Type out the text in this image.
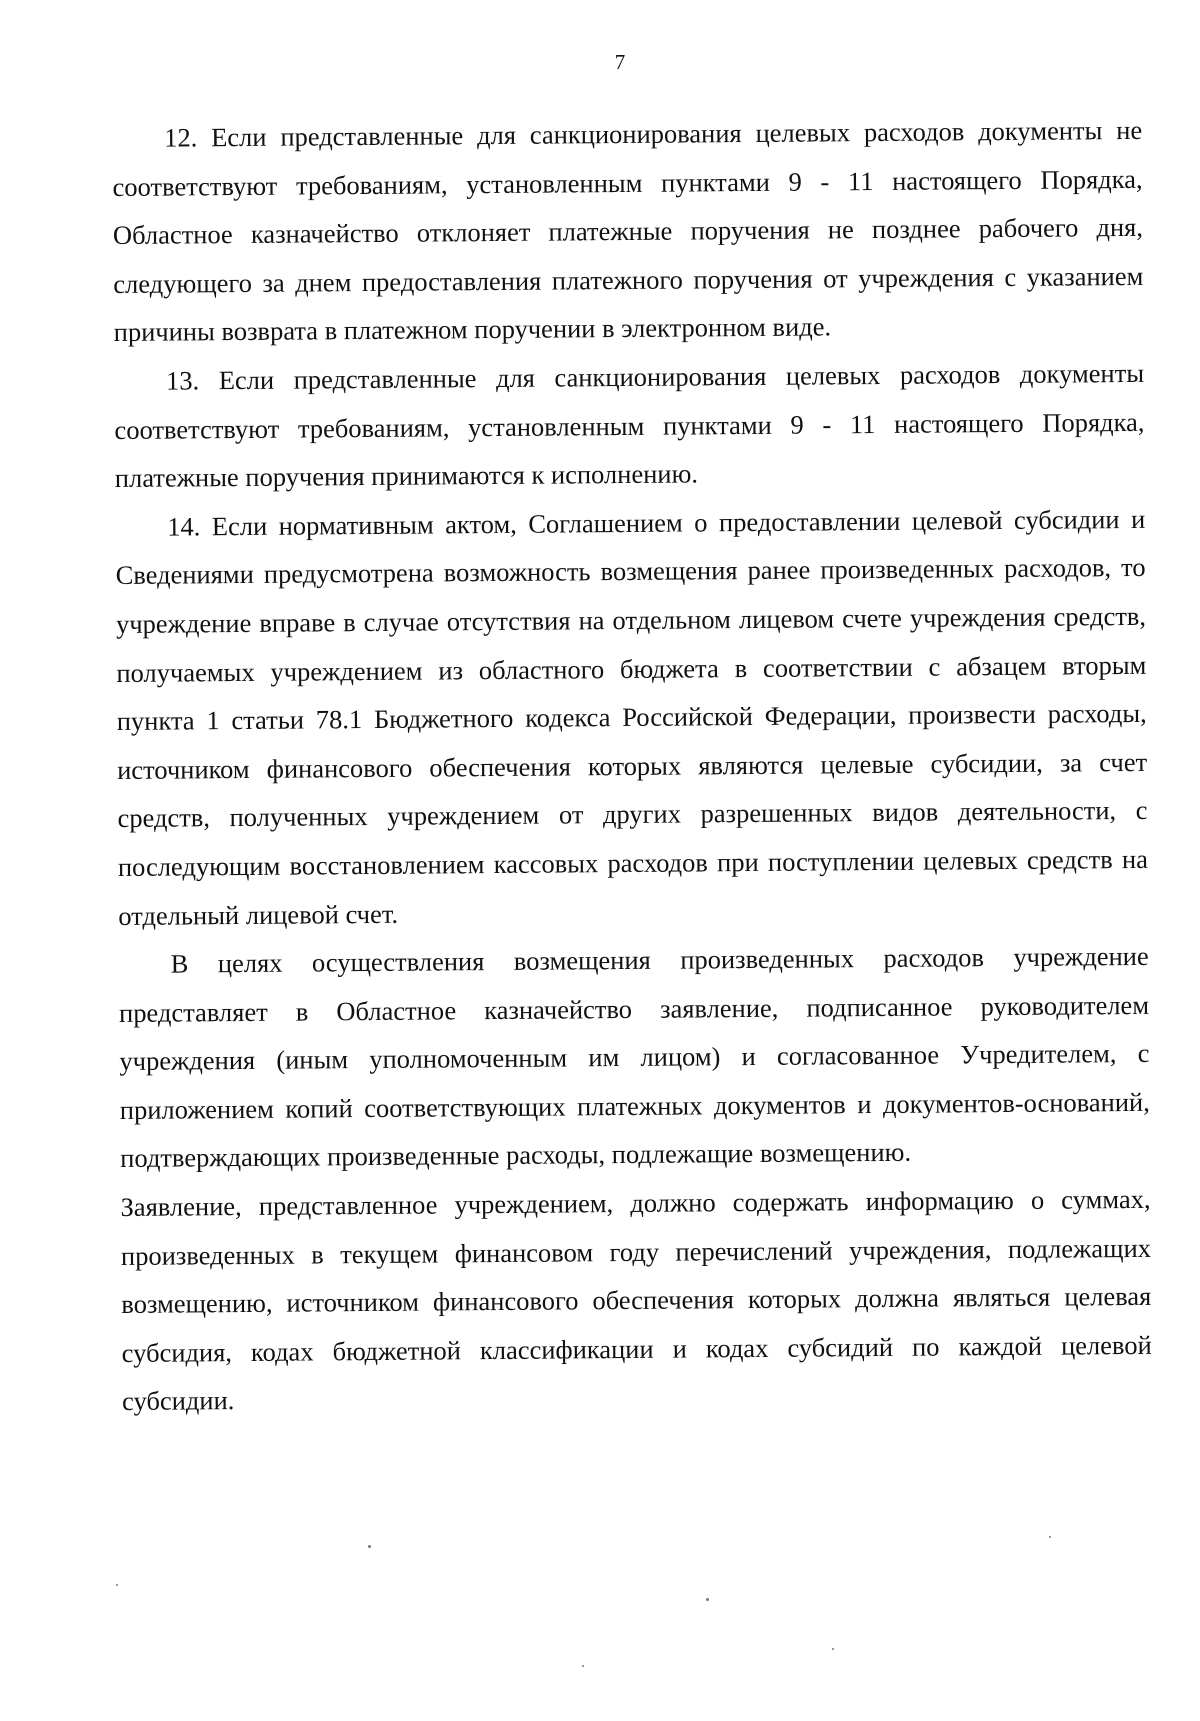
7

12. Если представленные для санкционирования целевых расходов документы не соответствуют требованиям, установленным пунктами 9 - 11 настоящего Порядка, Областное казначейство отклоняет платежные поручения не позднее рабочего дня, следующего за днем предоставления платежного поручения от учреждения с указанием причины возврата в платежном поручении в электронном виде.

13. Если представленные для санкционирования целевых расходов документы соответствуют требованиям, установленным пунктами 9 - 11 настоящего Порядка, платежные поручения принимаются к исполнению.

14. Если нормативным актом, Соглашением о предоставлении целевой субсидии и Сведениями предусмотрена возможность возмещения ранее произведенных расходов, то учреждение вправе в случае отсутствия на отдельном лицевом счете учреждения средств, получаемых учреждением из областного бюджета в соответствии с абзацем вторым пункта 1 статьи 78.1 Бюджетного кодекса Российской Федерации, произвести расходы, источником финансового обеспечения которых являются целевые субсидии, за счет средств, полученных учреждением от других разрешенных видов деятельности, с последующим восстановлением кассовых расходов при поступлении целевых средств на отдельный лицевой счет.

В целях осуществления возмещения произведенных расходов учреждение представляет в Областное казначейство заявление, подписанное руководителем учреждения (иным уполномоченным им лицом) и согласованное Учредителем, с приложением копий соответствующих платежных документов и документов-оснований, подтверждающих произведенные расходы, подлежащие возмещению.

Заявление, представленное учреждением, должно содержать информацию о суммах, произведенных в текущем финансовом году перечислений учреждения, подлежащих возмещению, источником финансового обеспечения которых должна являться целевая субсидия, кодах бюджетной классификации и кодах субсидий по каждой целевой субсидии.
